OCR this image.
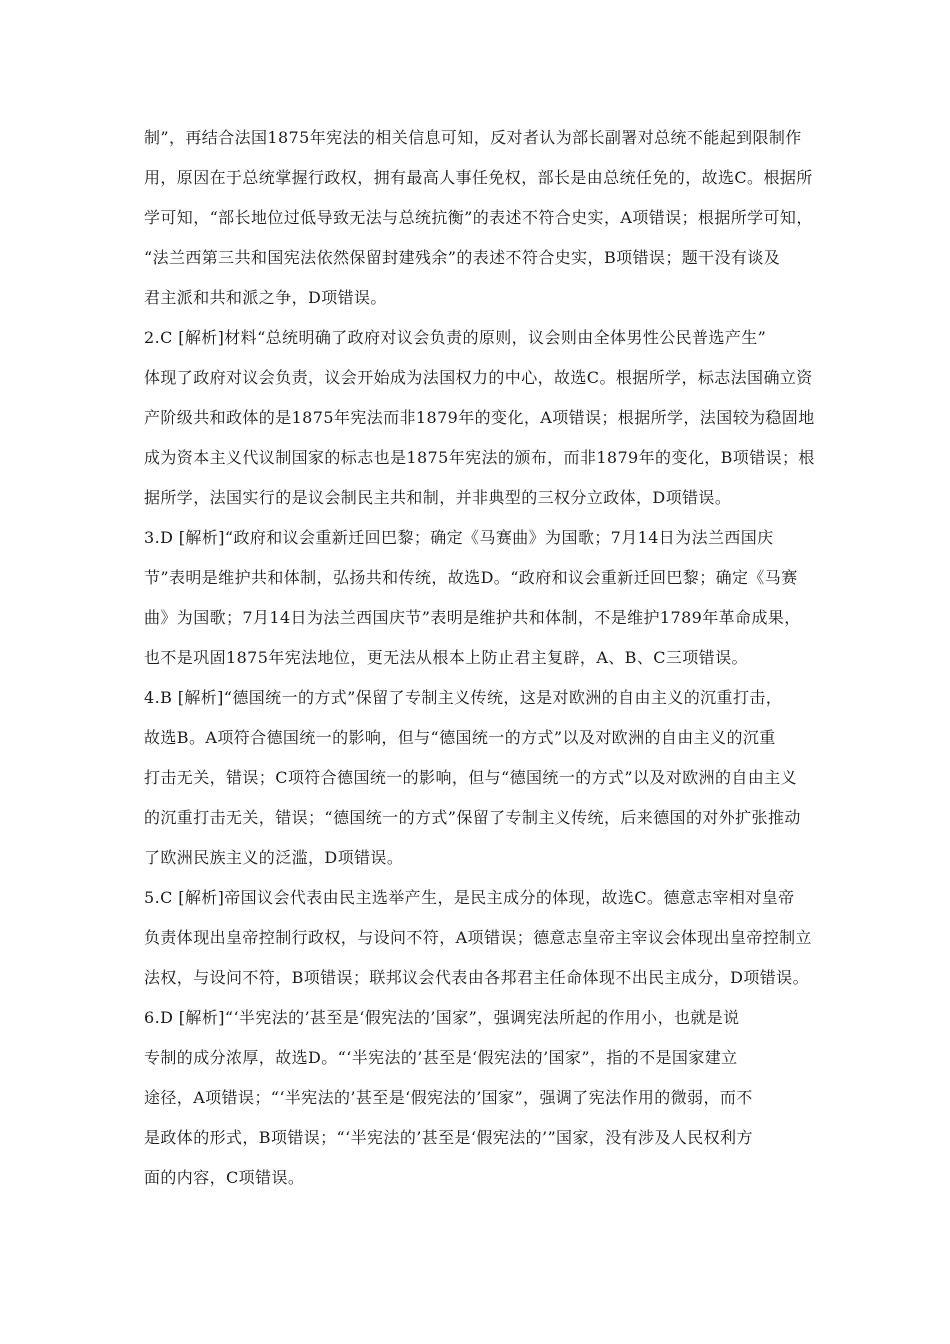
制”，再结合法国1875年宪法的相关信息可知，反对者认为部长副署对总统不能起到限制作
用，原因在于总统掌握行政权，拥有最高人事任免权，部长是由总统任免的，故选C。根据所
学可知，“部长地位过低导致无法与总统抗衡”的表述不符合史实，A项错误；根据所学可知，
“法兰西第三共和国宪法依然保留封建残余”的表述不符合史实，B项错误；题干没有谈及
君主派和共和派之争，D项错误。
2.C [解析]材料“总统明确了政府对议会负责的原则，议会则由全体男性公民普选产生”
体现了政府对议会负责，议会开始成为法国权力的中心，故选C。根据所学，标志法国确立资
产阶级共和政体的是1875年宪法而非1879年的变化，A项错误；根据所学，法国较为稳固地
成为资本主义代议制国家的标志也是1875年宪法的颁布，而非1879年的变化，B项错误；根
据所学，法国实行的是议会制民主共和制，并非典型的三权分立政体，D项错误。
3.D [解析]“政府和议会重新迁回巴黎；确定《马赛曲》为国歌；7月14日为法兰西国庆
节”表明是维护共和体制，弘扬共和传统，故选D。“政府和议会重新迁回巴黎；确定《马赛
曲》为国歌；7月14日为法兰西国庆节”表明是维护共和体制，不是维护1789年革命成果，
也不是巩固1875年宪法地位，更无法从根本上防止君主复辟，A、B、C三项错误。
4.B [解析]“德国统一的方式”保留了专制主义传统，这是对欧洲的自由主义的沉重打击，
故选B。A项符合德国统一的影响，但与“德国统一的方式”以及对欧洲的自由主义的沉重
打击无关，错误；C项符合德国统一的影响，但与“德国统一的方式”以及对欧洲的自由主义
的沉重打击无关，错误；“德国统一的方式”保留了专制主义传统，后来德国的对外扩张推动
了欧洲民族主义的泛滥，D项错误。
5.C [解析]帝国议会代表由民主选举产生，是民主成分的体现，故选C。德意志宰相对皇帝
负责体现出皇帝控制行政权，与设问不符，A项错误；德意志皇帝主宰议会体现出皇帝控制立
法权，与设问不符，B项错误；联邦议会代表由各邦君主任命体现不出民主成分，D项错误。
6.D [解析]“‘半宪法的’甚至是‘假宪法的’国家”，强调宪法所起的作用小，也就是说
专制的成分浓厚，故选D。“‘半宪法的’甚至是‘假宪法的’国家”，指的不是国家建立
途径，A项错误；“‘半宪法的’甚至是‘假宪法的’国家”，强调了宪法作用的微弱，而不
是政体的形式，B项错误；“‘半宪法的’甚至是‘假宪法的’”国家，没有涉及人民权利方
面的内容，C项错误。
